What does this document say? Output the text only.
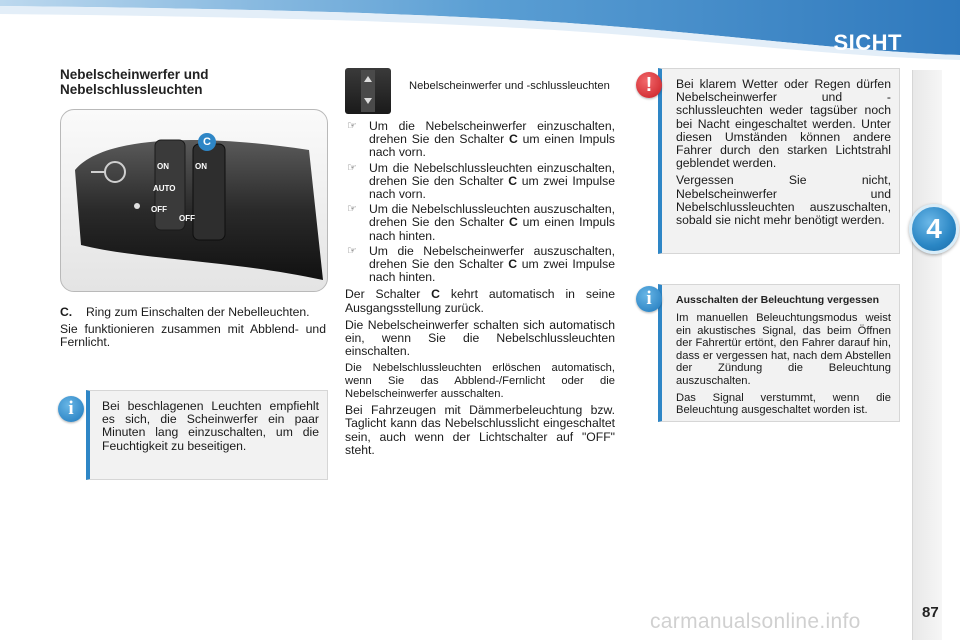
SICHT
4
Nebelscheinwerfer und
Nebelschlussleuchten
C
ON
OFF
ON
AUTO
OFF
C.	Ring zum Einschalten der Nebelleuchten.
Sie funktionieren zusammen mit Abblend- und Fernlicht.
Bei beschlagenen Leuchten empfiehlt es sich, die Scheinwerfer ein paar Minuten lang einzuschalten, um die Feuchtigkeit zu beseitigen.
i
Nebelscheinwerfer und -schlussleuchten
☞ Um die Nebelscheinwerfer einzuschalten, drehen Sie den Schalter C um einen Impuls nach vorn.
☞ Um die Nebelschlussleuchten einzuschalten, drehen Sie den Schalter C um zwei Impulse nach vorn.
☞ Um die Nebelschlussleuchten auszuschalten, drehen Sie den Schalter C um einen Impuls nach hinten.
☞ Um die Nebelscheinwerfer auszuschalten, drehen Sie den Schalter C um zwei Impulse nach hinten.
Der Schalter C kehrt automatisch in seine Ausgangsstellung zurück.
Die Nebelscheinwerfer schalten sich automatisch ein, wenn Sie die Nebelschlussleuchten einschalten.
Die Nebelschlussleuchten erlöschen automatisch, wenn Sie das Abblend-/Fernlicht oder die Nebelscheinwerfer ausschalten.
Bei Fahrzeugen mit Dämmerbeleuchtung bzw. Taglicht kann das Nebelschlusslicht eingeschaltet sein, auch wenn der Lichtschalter auf "OFF" steht.
Bei klarem Wetter oder Regen dürfen Nebelscheinwerfer und -schlussleuchten weder tagsüber noch bei Nacht eingeschaltet werden. Unter diesen Umständen können andere Fahrer durch den starken Lichtstrahl geblendet werden.
Vergessen Sie nicht, Nebelscheinwerfer und Nebelschlussleuchten auszuschalten, sobald sie nicht mehr benötigt werden.
!
Ausschalten der Beleuchtung vergessen
Im manuellen Beleuchtungsmodus weist ein akustisches Signal, das beim Öffnen der Fahrertür ertönt, den Fahrer darauf hin, dass er vergessen hat, nach dem Abstellen der Zündung die Beleuchtung auszuschalten.
Das Signal verstummt, wenn die Beleuchtung ausgeschaltet worden ist.
i
carmanualsonline.info	87
